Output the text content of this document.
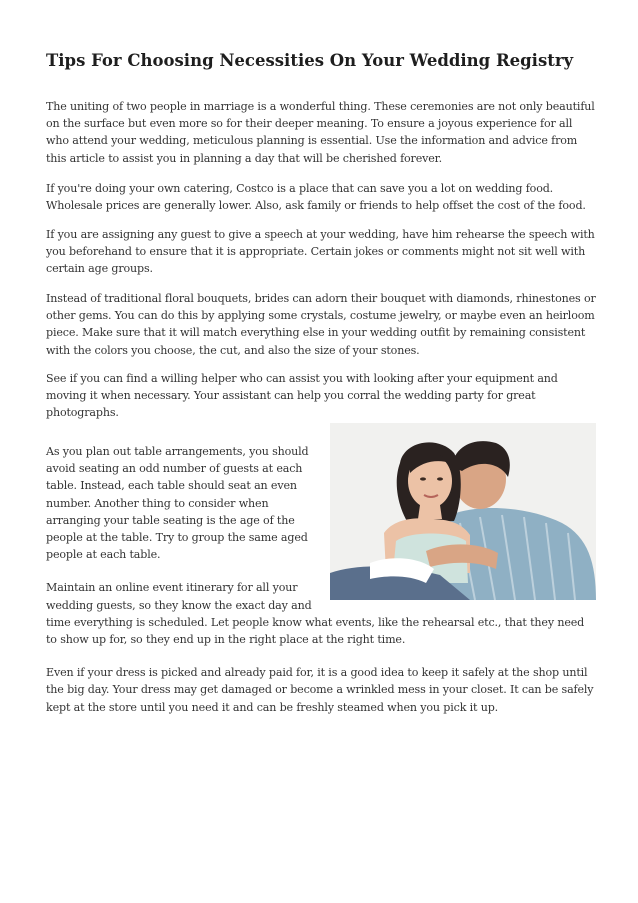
Tips For Choosing Necessities On Your Wedding Registry

The uniting of two people in marriage is a wonderful thing. These ceremonies are not only beautiful on the surface but even more so for their deeper meaning. To ensure a joyous experience for all who attend your wedding, meticulous planning is essential. Use the information and advice from this article to assist you in planning a day that will be cherished forever.

If you're doing your own catering, Costco is a place that can save you a lot on wedding food. Wholesale prices are generally lower. Also, ask family or friends to help offset the cost of the food.

If you are assigning any guest to give a speech at your wedding, have him rehearse the speech with you beforehand to ensure that it is appropriate. Certain jokes or comments might not sit well with certain age groups.

Instead of traditional floral bouquets, brides can adorn their bouquet with diamonds, rhinestones or other gems. You can do this by applying some crystals, costume jewelry, or maybe even an heirloom piece. Make sure that it will match everything else in your wedding outfit by remaining consistent with the colors you choose, the cut, and also the size of your stones.

See if you can find a willing helper who can assist you with looking after your equipment and moving it when necessary. Your assistant can help you corral the wedding party for great photographs.

As you plan out table arrangements, you should avoid seating an odd number of guests at each table. Instead, each table should seat an even number. Another thing to consider when arranging your table seating is the age of the people at the table. Try to group the same aged people at each table.

Maintain an online event itinerary for all your wedding guests, so they know the exact day and time everything is scheduled. Let people know what events, like the rehearsal etc., that they need to show up for, so they end up in the right place at the right time.

Even if your dress is picked and already paid for, it is a good idea to keep it safely at the shop until the big day. Your dress may get damaged or become a wrinkled mess in your closet. It can be safely kept at the store until you need it and can be freshly steamed when you pick it up.
